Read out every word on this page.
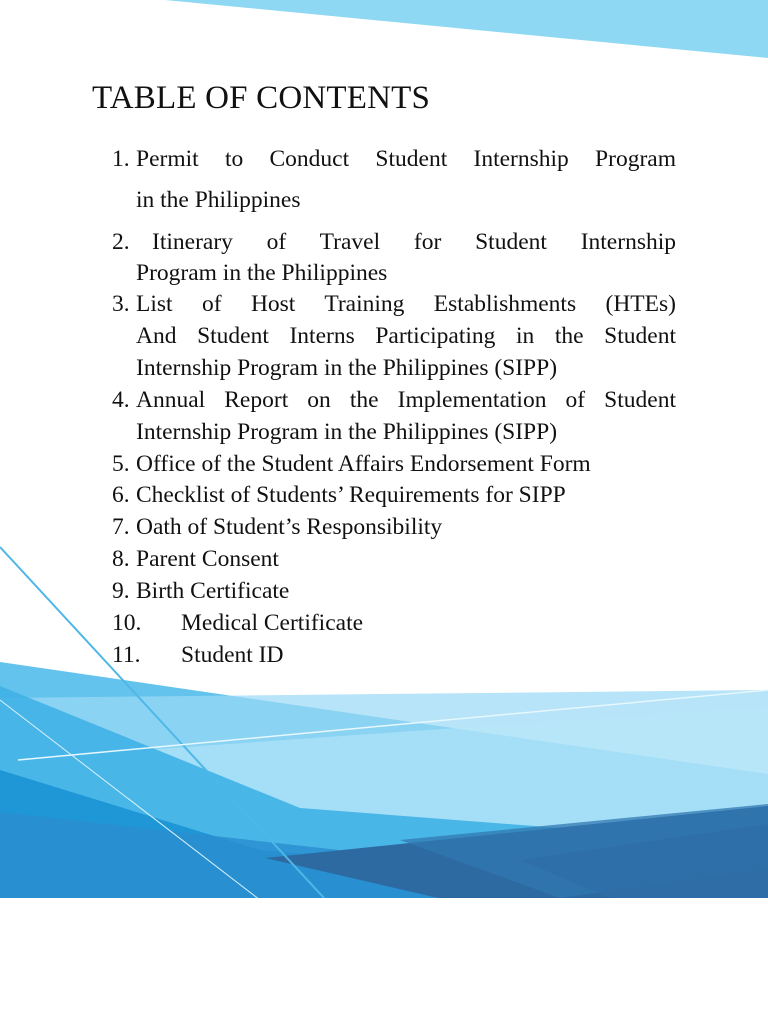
TABLE OF CONTENTS
1. Permit to Conduct Student Internship Program
in the Philippines
2. Itinerary of Travel for Student Internship
Program in the Philippines
3. List of Host Training Establishments (HTEs)
And Student Interns Participating in the Student
Internship Program in the Philippines (SIPP)
4. Annual Report on the Implementation of Student
Internship Program in the Philippines (SIPP)
5. Office of the Student Affairs Endorsement Form
6. Checklist of Students’ Requirements for SIPP
7. Oath of Student’s Responsibility
8. Parent Consent
9. Birth Certificate
10. Medical Certificate
11. Student ID
